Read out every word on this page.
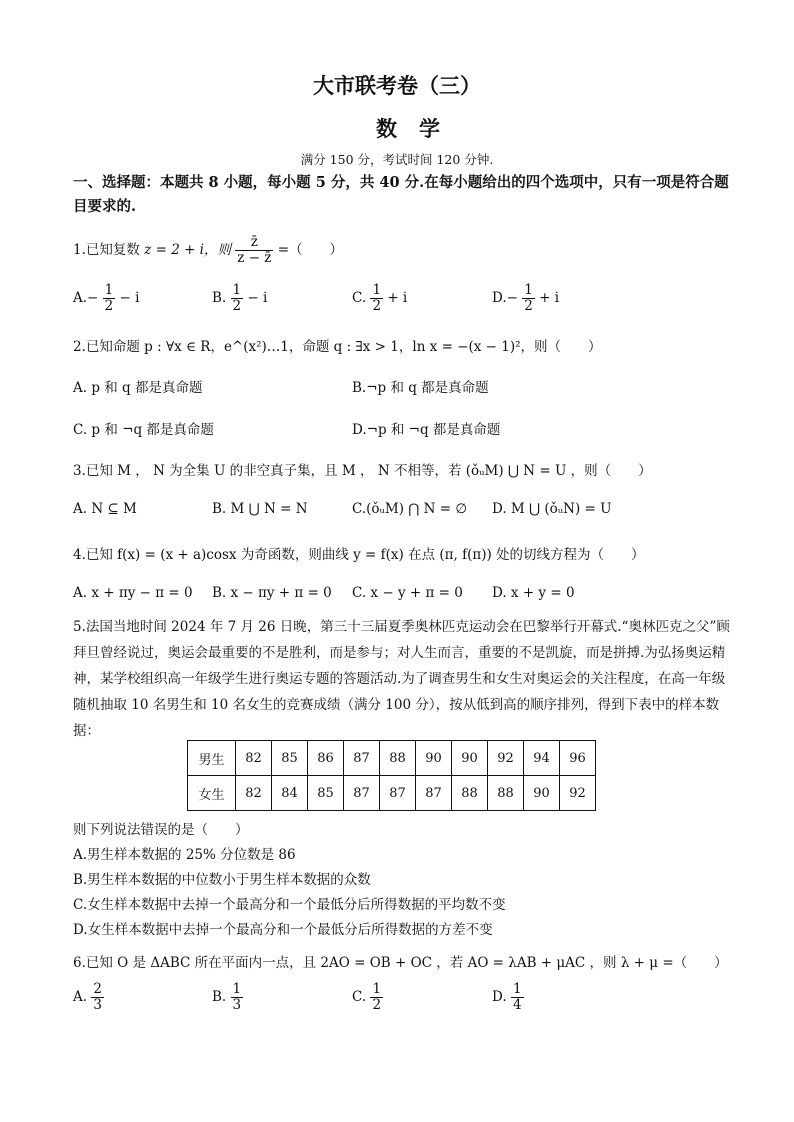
大市联考卷（三）
数学
满分 150 分，考试时间 120 分钟.
一、选择题：本题共 8 小题，每小题 5 分，共 40 分.在每小题给出的四个选项中，只有一项是符合题目要求的.
1.已知复数 z = 2 + i，则 $\frac{z̄}{z - z̄}$ =（　　）
$A.- \frac{1}{2} - i$	B. $\frac{1}{2} - i$	C. $\frac{1}{2} + i$	$D.- \frac{1}{2} + i$
2.已知命题 p : ∀x ∈ R，e^(x²)…1，命题 q : ∃x > 1，ln x = −(x − 1)²，则（　　）
A. p 和 q 都是真命题	B.¬p 和 q 都是真命题
C. p 和 ¬q 都是真命题	D.¬p 和 ¬q 都是真命题
3.已知 M ， N 为全集 U 的非空真子集，且 M ， N 不相等，若 (ǒᵤM) ⋃ N = U ，则（　　）
A. N ⊆ M	B. M ⋃ N = N	C.(ǒᵤM) ⋂ N = ∅ D. M ⋃ (ǒᵤN) = U
4.已知 f(x) = (x + a)cosx 为奇函数，则曲线 y = f(x) 在点 (π, f(π)) 处的切线方程为（　　）
A. x + πy − π = 0 B. x − πy + π = 0 C. x − y + π = 0 D. x + y = 0
5.法国当地时间 2024 年 7 月 26 日晚，第三十三届夏季奥林匹克运动会在巴黎举行开幕式.“奥林匹克之父”顾拜旦曾经说过，奥运会最重要的不是胜利，而是参与；对人生而言，重要的不是凯旋，而是拼搏.为弘扬奥运精神，某学校组织高一年级学生进行奥运专题的答题活动.为了调查男生和女生对奥运会的关注程度，在高一年级随机抽取 10 名男生和 10 名女生的竞赛成绩（满分 100 分），按从低到高的顺序排列，得到下表中的样本数据：
男生	82	85	86	87	88	90	90	92	94	96
女生	82	84	85	87	87	87	88	88	90	92
则下列说法错误的是（　　）
A.男生样本数据的 25% 分位数是 86
B.男生样本数据的中位数小于男生样本数据的众数
C.女生样本数据中去掉一个最高分和一个最低分后所得数据的平均数不变
D.女生样本数据中去掉一个最高分和一个最低分后所得数据的方差不变
6.已知 O 是 ΔABC 所在平面内一点，且 2AO = OB + OC ，若 AO = λAB + μAC ，则 λ + μ =（　　）
A. $\frac{2}{3}$	B. $\frac{1}{3}$	C. $\frac{1}{2}$	D. $\frac{1}{4}$
